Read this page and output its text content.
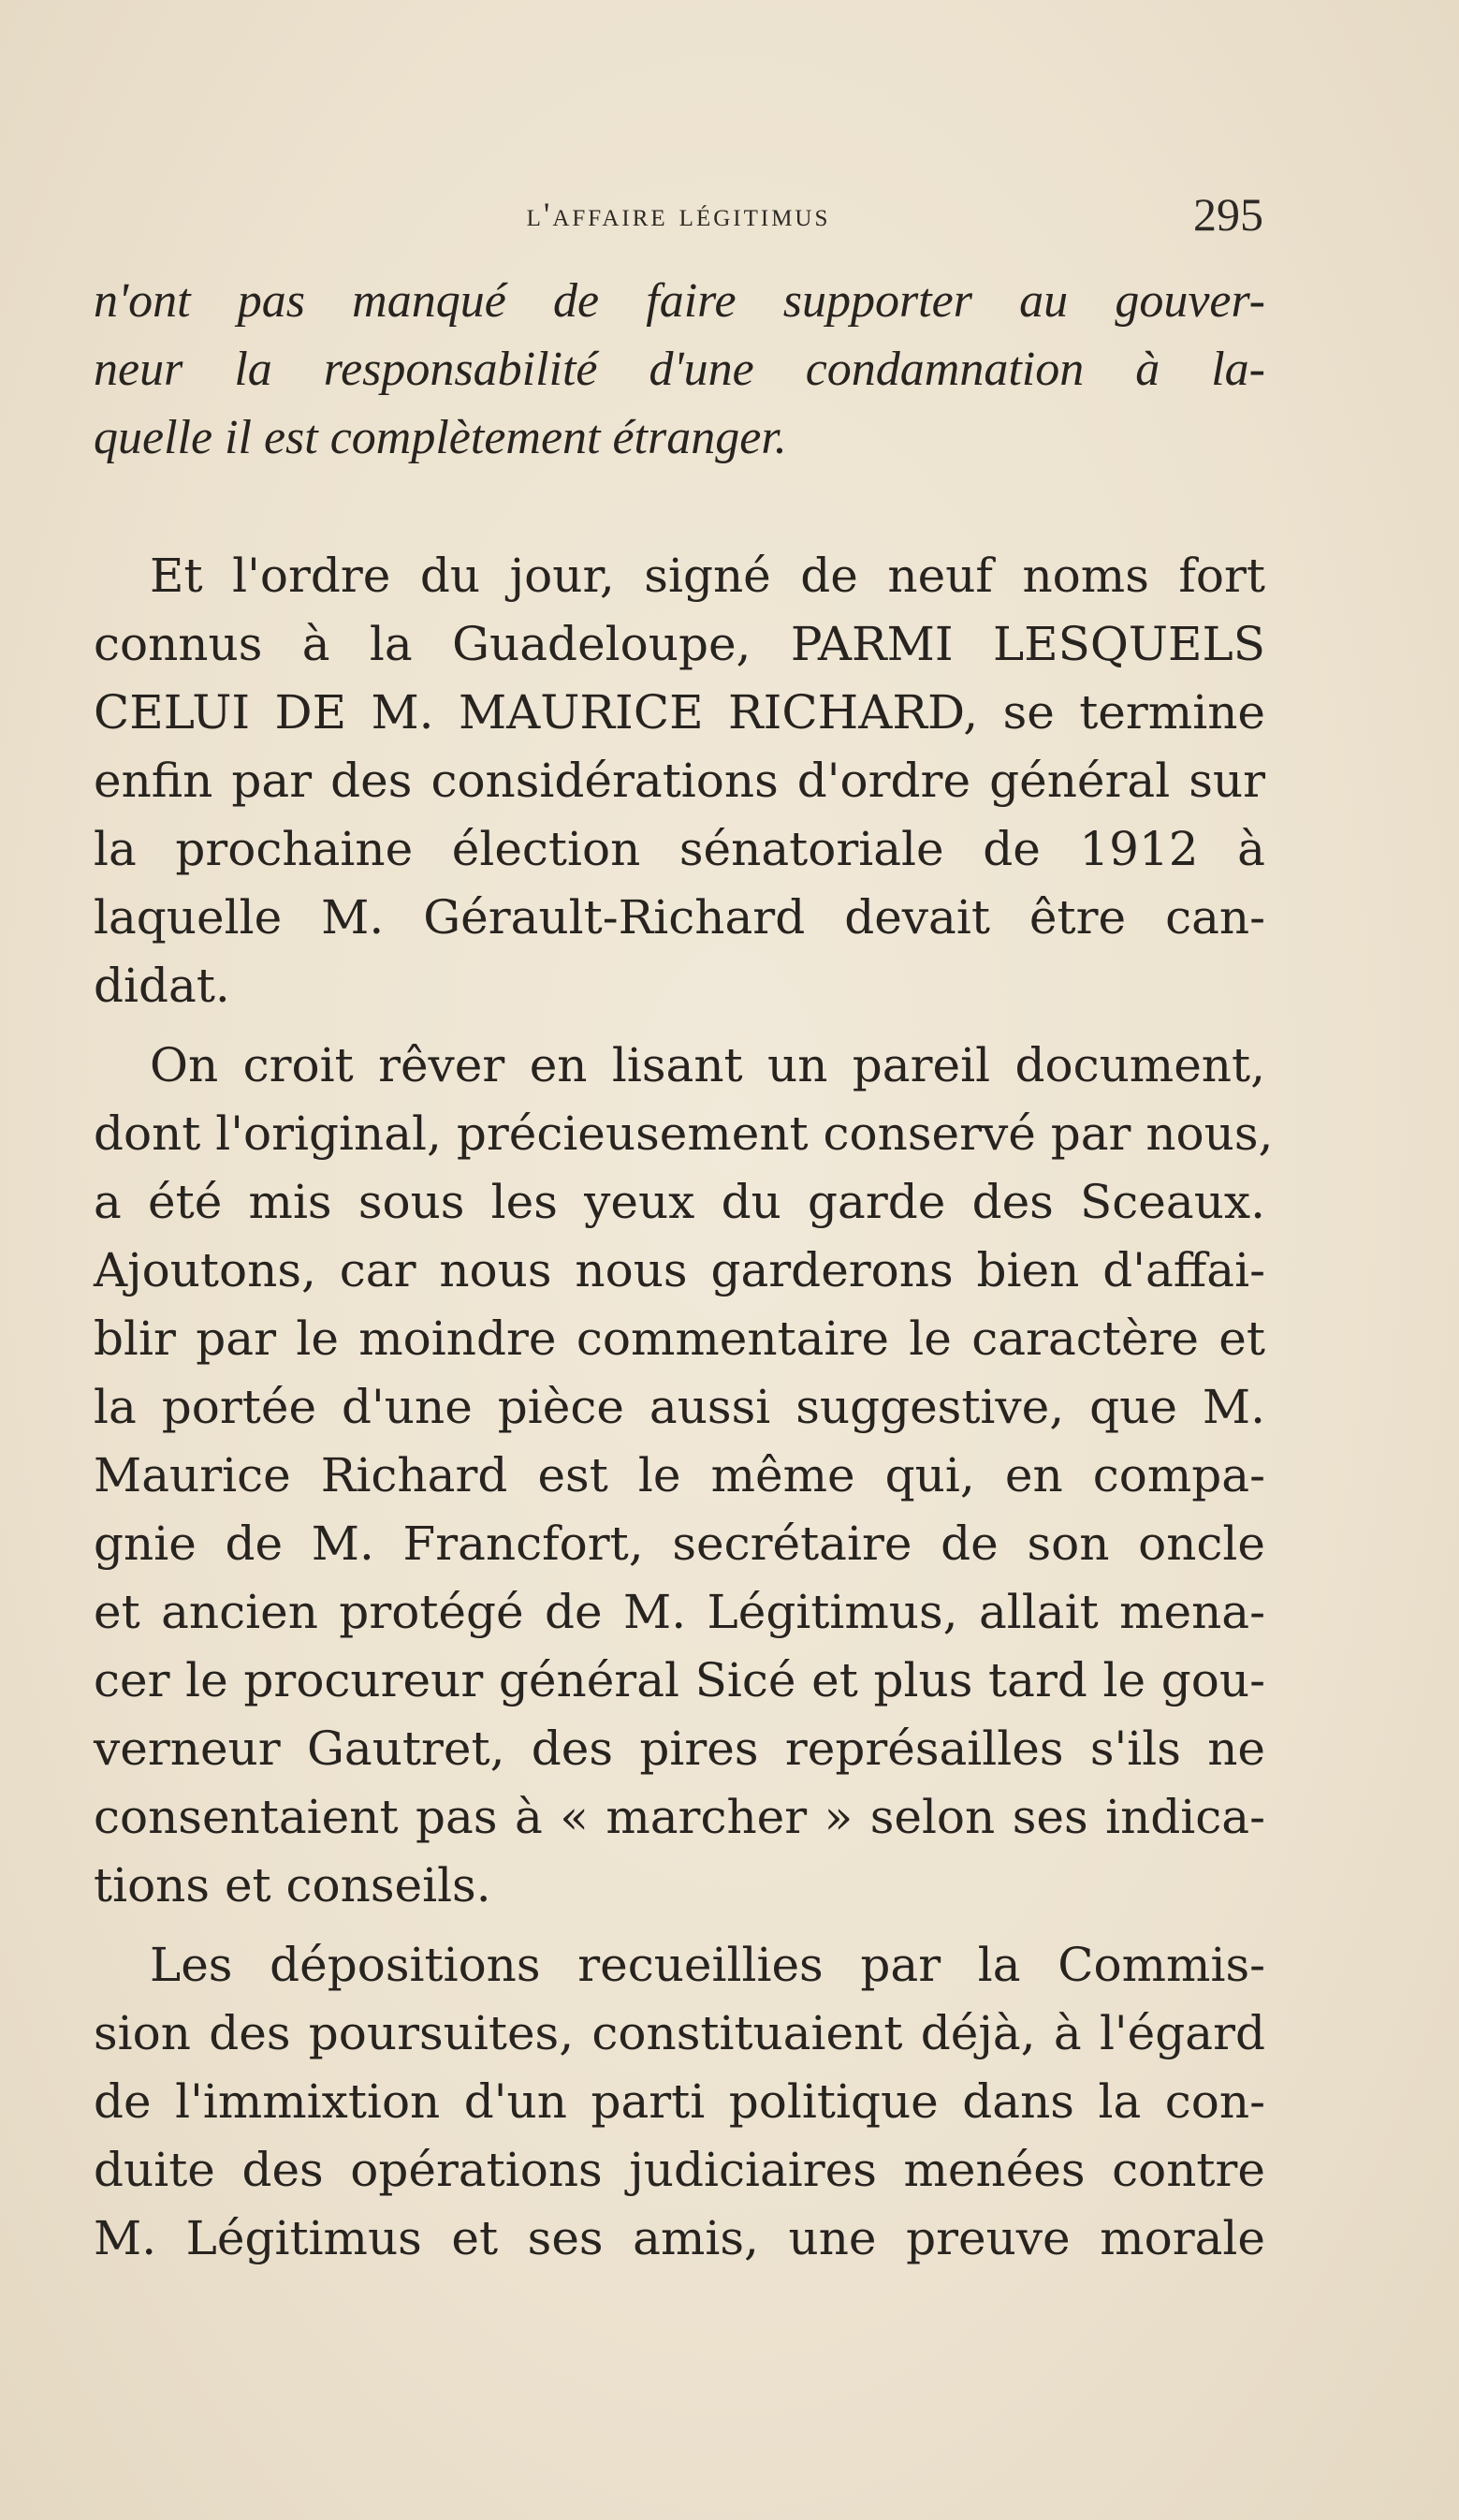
l'affaire légitimus	295
n'ont pas manqué de faire supporter au gouver-
neur la responsabilité d'une condamnation à la-
quelle il est complètement étranger.
Et l'ordre du jour, signé de neuf noms fort
connus à la Guadeloupe, PARMI LESQUELS
CELUI DE M. MAURICE RICHARD, se termine
enfin par des considérations d'ordre général sur
la prochaine élection sénatoriale de 1912 à
laquelle M. Gérault-Richard devait être can-
didat.
On croit rêver en lisant un pareil document,
dont l'original, précieusement conservé par nous,
a été mis sous les yeux du garde des Sceaux.
Ajoutons, car nous nous garderons bien d'affai-
blir par le moindre commentaire le caractère et
la portée d'une pièce aussi suggestive, que M.
Maurice Richard est le même qui, en compa-
gnie de M. Francfort, secrétaire de son oncle
et ancien protégé de M. Légitimus, allait mena-
cer le procureur général Sicé et plus tard le gou-
verneur Gautret, des pires représailles s'ils ne
consentaient pas à « marcher » selon ses indica-
tions et conseils.
Les dépositions recueillies par la Commis-
sion des poursuites, constituaient déjà, à l'égard
de l'immixtion d'un parti politique dans la con-
duite des opérations judiciaires menées contre
M. Légitimus et ses amis, une preuve morale
